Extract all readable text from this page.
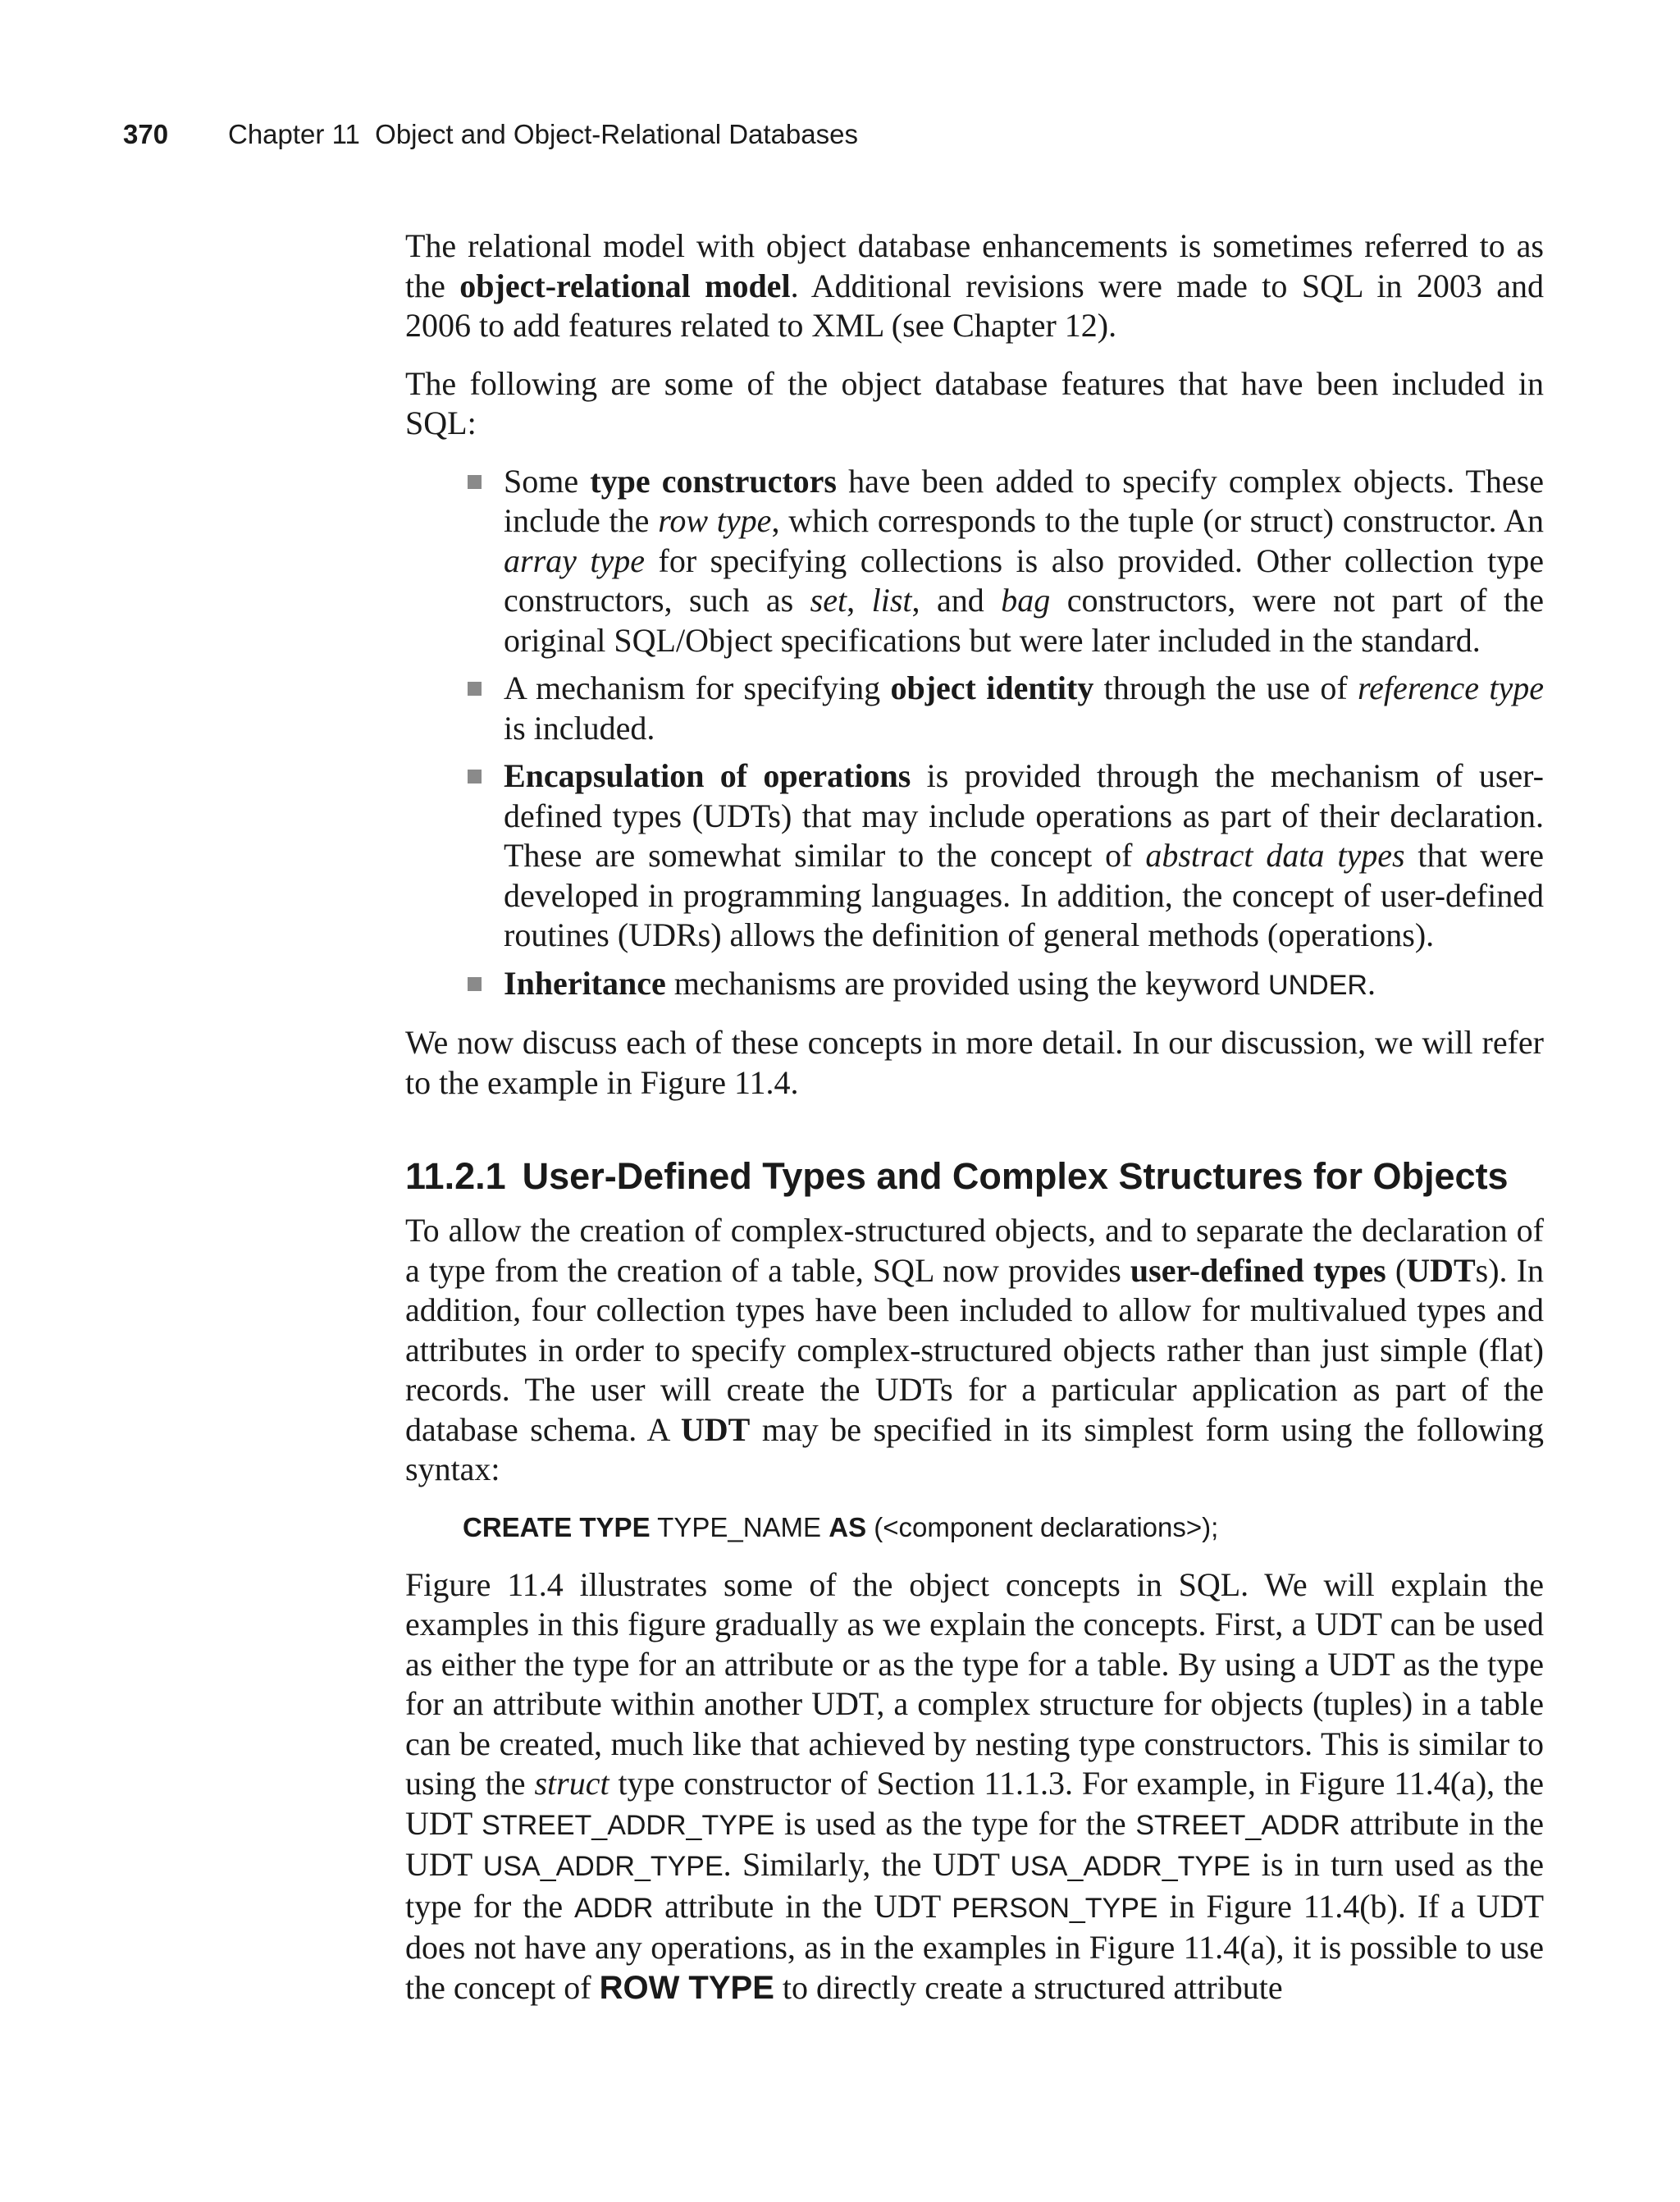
370 Chapter 11  Object and Object-Relational Databases

The relational model with object database enhancements is sometimes referred to as the object-relational model. Additional revisions were made to SQL in 2003 and 2006 to add features related to XML (see Chapter 12).

The following are some of the object database features that have been included in SQL:

Some type constructors have been added to specify complex objects. These include the row type, which corresponds to the tuple (or struct) constructor. An array type for specifying collections is also provided. Other collection type constructors, such as set, list, and bag constructors, were not part of the original SQL/Object specifications but were later included in the standard.
A mechanism for specifying object identity through the use of reference type is included.
Encapsulation of operations is provided through the mechanism of user-defined types (UDTs) that may include operations as part of their declaration. These are somewhat similar to the concept of abstract data types that were developed in programming languages. In addition, the concept of user-defined routines (UDRs) allows the definition of general methods (operations).
Inheritance mechanisms are provided using the keyword UNDER.

We now discuss each of these concepts in more detail. In our discussion, we will refer to the example in Figure 11.4.

11.2.1 User-Defined Types and Complex Structures for Objects

To allow the creation of complex-structured objects, and to separate the declaration of a type from the creation of a table, SQL now provides user-defined types (UDTs). In addition, four collection types have been included to allow for multivalued types and attributes in order to specify complex-structured objects rather than just simple (flat) records. The user will create the UDTs for a particular application as part of the database schema. A UDT may be specified in its simplest form using the following syntax:

CREATE TYPE TYPE_NAME AS (<component declarations>);

Figure 11.4 illustrates some of the object concepts in SQL. We will explain the examples in this figure gradually as we explain the concepts. First, a UDT can be used as either the type for an attribute or as the type for a table. By using a UDT as the type for an attribute within another UDT, a complex structure for objects (tuples) in a table can be created, much like that achieved by nesting type constructors. This is similar to using the struct type constructor of Section 11.1.3. For example, in Figure 11.4(a), the UDT STREET_ADDR_TYPE is used as the type for the STREET_ADDR attribute in the UDT USA_ADDR_TYPE. Similarly, the UDT USA_ADDR_TYPE is in turn used as the type for the ADDR attribute in the UDT PERSON_TYPE in Figure 11.4(b). If a UDT does not have any operations, as in the examples in Figure 11.4(a), it is possible to use the concept of ROW TYPE to directly create a structured attribute
